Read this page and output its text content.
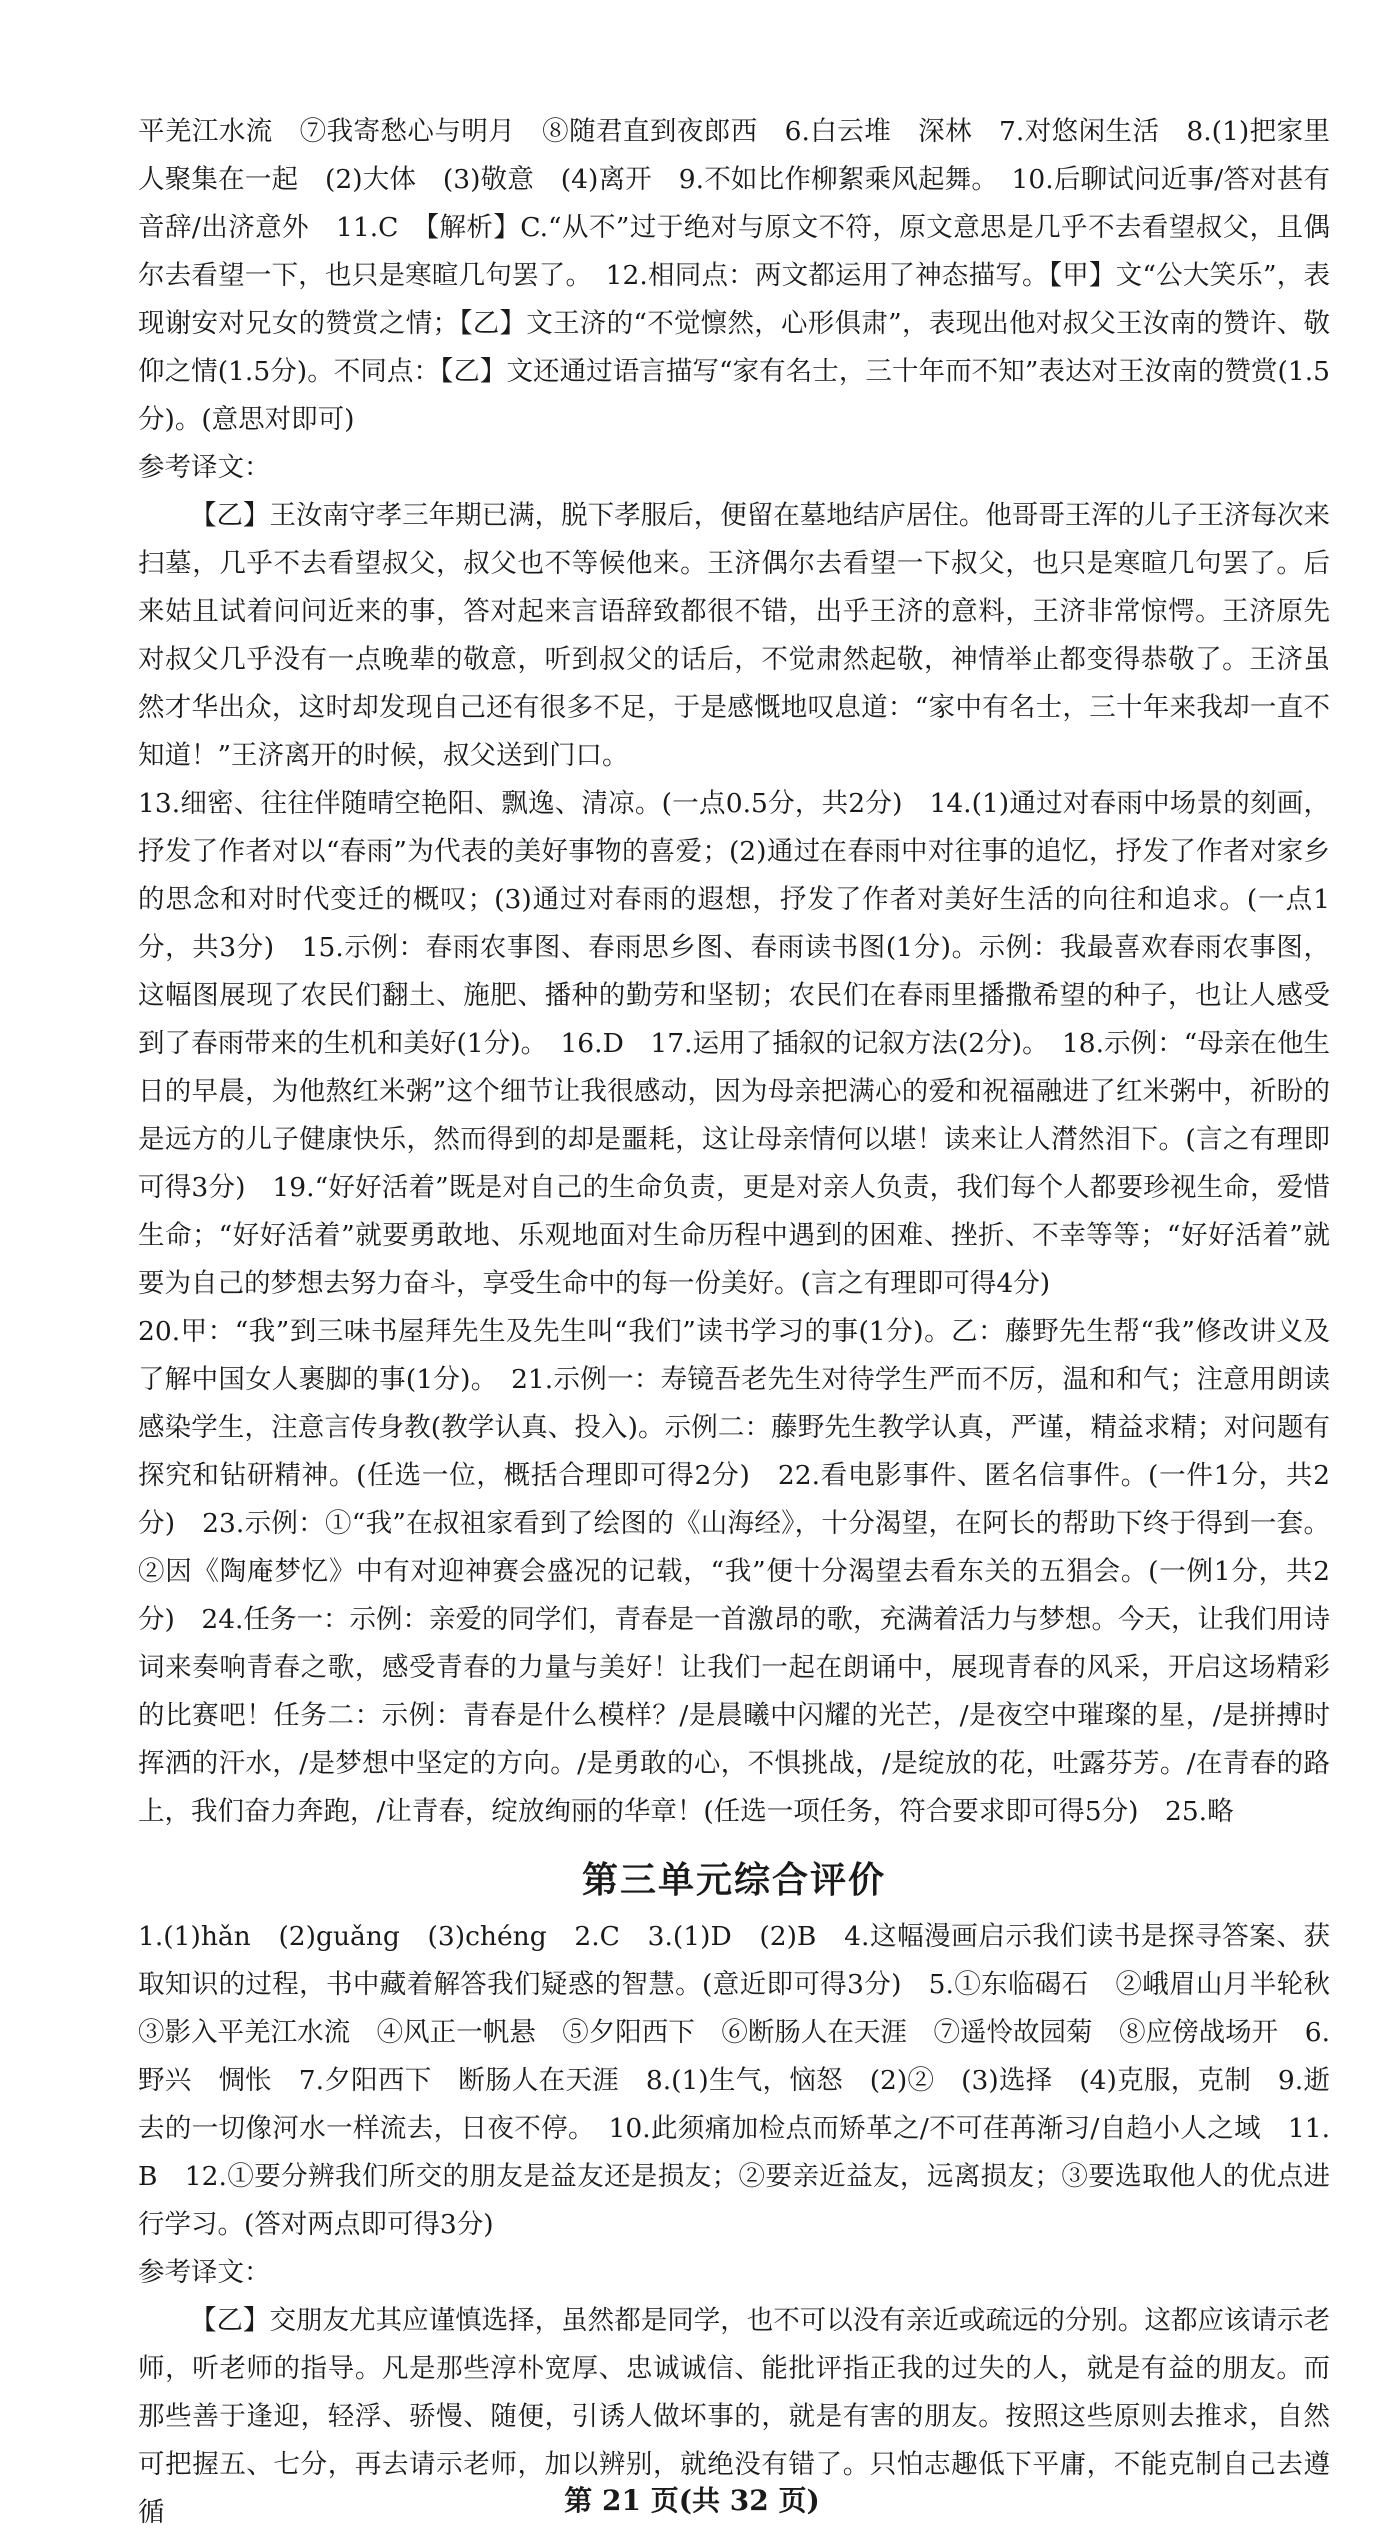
平羌江水流　⑦我寄愁心与明月　⑧随君直到夜郎西　6.白云堆　深林　7.对悠闲生活　8.(1)把家里人聚集在一起　(2)大体　(3)敬意　(4)离开　9.不如比作柳絮乘风起舞。　10.后聊试问近事/答对甚有音辞/出济意外　11.C　【解析】C.“从不”过于绝对与原文不符，原文意思是几乎不去看望叔父，且偶尔去看望一下，也只是寒暄几句罢了。　12.相同点：两文都运用了神态描写。【甲】文“公大笑乐”，表现谢安对兄女的赞赏之情；【乙】文王济的“不觉懔然，心形俱肃”，表现出他对叔父王汝南的赞许、敬仰之情(1.5分)。不同点：【乙】文还通过语言描写“家有名士，三十年而不知”表达对王汝南的赞赏(1.5分)。(意思对即可)

参考译文：

【乙】王汝南守孝三年期已满，脱下孝服后，便留在墓地结庐居住。他哥哥王浑的儿子王济每次来扫墓，几乎不去看望叔父，叔父也不等候他来。王济偶尔去看望一下叔父，也只是寒暄几句罢了。后来姑且试着问问近来的事，答对起来言语辞致都很不错，出乎王济的意料，王济非常惊愕。王济原先对叔父几乎没有一点晚辈的敬意，听到叔父的话后，不觉肃然起敬，神情举止都变得恭敬了。王济虽然才华出众，这时却发现自己还有很多不足，于是感慨地叹息道：“家中有名士，三十年来我却一直不知道！”王济离开的时候，叔父送到门口。

13.细密、往往伴随晴空艳阳、飘逸、清凉。(一点0.5分，共2分)　14.(1)通过对春雨中场景的刻画，抒发了作者对以“春雨”为代表的美好事物的喜爱；(2)通过在春雨中对往事的追忆，抒发了作者对家乡的思念和对时代变迁的概叹；(3)通过对春雨的遐想，抒发了作者对美好生活的向往和追求。(一点1分，共3分)　15.示例：春雨农事图、春雨思乡图、春雨读书图(1分)。示例：我最喜欢春雨农事图，这幅图展现了农民们翻土、施肥、播种的勤劳和坚韧；农民们在春雨里播撒希望的种子，也让人感受到了春雨带来的生机和美好(1分)。　16.D　17.运用了插叙的记叙方法(2分)。　18.示例：“母亲在他生日的早晨，为他熬红米粥”这个细节让我很感动，因为母亲把满心的爱和祝福融进了红米粥中，祈盼的是远方的儿子健康快乐，然而得到的却是噩耗，这让母亲情何以堪！读来让人潸然泪下。(言之有理即可得3分)　19.“好好活着”既是对自己的生命负责，更是对亲人负责，我们每个人都要珍视生命，爱惜生命；“好好活着”就要勇敢地、乐观地面对生命历程中遇到的困难、挫折、不幸等等；“好好活着”就要为自己的梦想去努力奋斗，享受生命中的每一份美好。(言之有理即可得4分)

20.甲：“我”到三味书屋拜先生及先生叫“我们”读书学习的事(1分)。乙：藤野先生帮“我”修改讲义及了解中国女人裹脚的事(1分)。　21.示例一：寿镜吾老先生对待学生严而不厉，温和和气；注意用朗读感染学生，注意言传身教(教学认真、投入)。示例二：藤野先生教学认真，严谨，精益求精；对问题有探究和钻研精神。(任选一位，概括合理即可得2分)　22.看电影事件、匿名信事件。(一件1分，共2分)　23.示例：①“我”在叔祖家看到了绘图的《山海经》，十分渴望，在阿长的帮助下终于得到一套。②因《陶庵梦忆》中有对迎神赛会盛况的记载，“我”便十分渴望去看东关的五猖会。(一例1分，共2分)　24.任务一：示例：亲爱的同学们，青春是一首激昂的歌，充满着活力与梦想。今天，让我们用诗词来奏响青春之歌，感受青春的力量与美好！让我们一起在朗诵中，展现青春的风采，开启这场精彩的比赛吧！任务二：示例：青春是什么模样？/是晨曦中闪耀的光芒，/是夜空中璀璨的星，/是拼搏时挥洒的汗水，/是梦想中坚定的方向。/是勇敢的心，不惧挑战，/是绽放的花，吐露芬芳。/在青春的路上，我们奋力奔跑，/让青春，绽放绚丽的华章！(任选一项任务，符合要求即可得5分)　25.略

第三单元综合评价

1.(1)hǎn　(2)guǎng　(3)chéng　2.C　3.(1)D　(2)B　4.这幅漫画启示我们读书是探寻答案、获取知识的过程，书中藏着解答我们疑惑的智慧。(意近即可得3分)　5.①东临碣石　②峨眉山月半轮秋　③影入平羌江水流　④风正一帆悬　⑤夕阳西下　⑥断肠人在天涯　⑦遥怜故园菊　⑧应傍战场开　6.野兴　惆怅　7.夕阳西下　断肠人在天涯　8.(1)生气，恼怒　(2)②　(3)选择　(4)克服，克制　9.逝去的一切像河水一样流去，日夜不停。　10.此须痛加检点而矫革之/不可荏苒渐习/自趋小人之域　11.B　12.①要分辨我们所交的朋友是益友还是损友；②要亲近益友，远离损友；③要选取他人的优点进行学习。(答对两点即可得3分)

参考译文：

【乙】交朋友尤其应谨慎选择，虽然都是同学，也不可以没有亲近或疏远的分别。这都应该请示老师，听老师的指导。凡是那些淳朴宽厚、忠诚诚信、能批评指正我的过失的人，就是有益的朋友。而那些善于逢迎，轻浮、骄慢、随便，引诱人做坏事的，就是有害的朋友。按照这些原则去推求，自然可把握五、七分，再去请示老师，加以辨别，就绝没有错了。只怕志趣低下平庸，不能克制自己去遵循	第 21 页(共 32 页)
